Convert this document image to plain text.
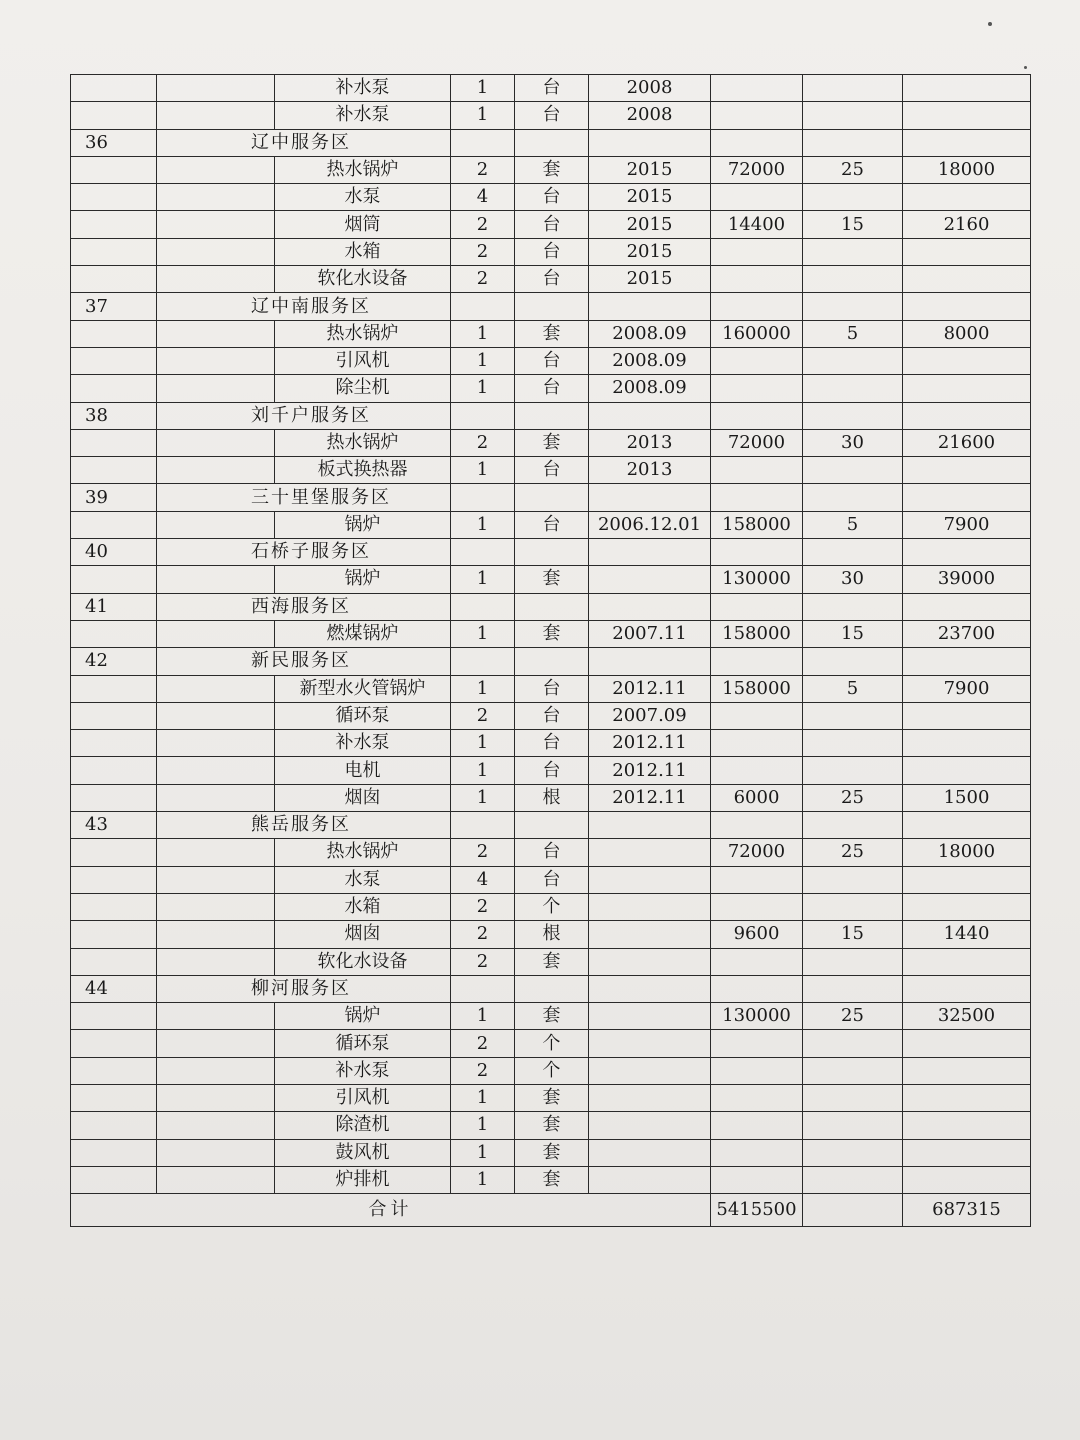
		补水泵	1	台	2008			
		补水泵	1	台	2008			
36	辽中服务区							
		热水锅炉	2	套	2015	72000	25	18000
		水泵	4	台	2015			
		烟筒	2	台	2015	14400	15	2160
		水箱	2	台	2015			
		软化水设备	2	台	2015			
37	辽中南服务区							
		热水锅炉	1	套	2008.09	160000	5	8000
		引风机	1	台	2008.09			
		除尘机	1	台	2008.09			
38	刘千户服务区							
		热水锅炉	2	套	2013	72000	30	21600
		板式换热器	1	台	2013			
39	三十里堡服务区							
		锅炉	1	台	2006.12.01	158000	5	7900
40	石桥子服务区							
		锅炉	1	套		130000	30	39000
41	西海服务区							
		燃煤锅炉	1	套	2007.11	158000	15	23700
42	新民服务区							
		新型水火管锅炉	1	台	2012.11	158000	5	7900
		循环泵	2	台	2007.09			
		补水泵	1	台	2012.11			
		电机	1	台	2012.11			
		烟囱	1	根	2012.11	6000	25	1500
43	熊岳服务区							
		热水锅炉	2	台		72000	25	18000
		水泵	4	台				
		水箱	2	个				
		烟囱	2	根		9600	15	1440
		软化水设备	2	套				
44	柳河服务区							
		锅炉	1	套		130000	25	32500
		循环泵	2	个				
		补水泵	2	个				
		引风机	1	套				
		除渣机	1	套				
		鼓风机	1	套				
		炉排机	1	套				
合计						5415500		687315
